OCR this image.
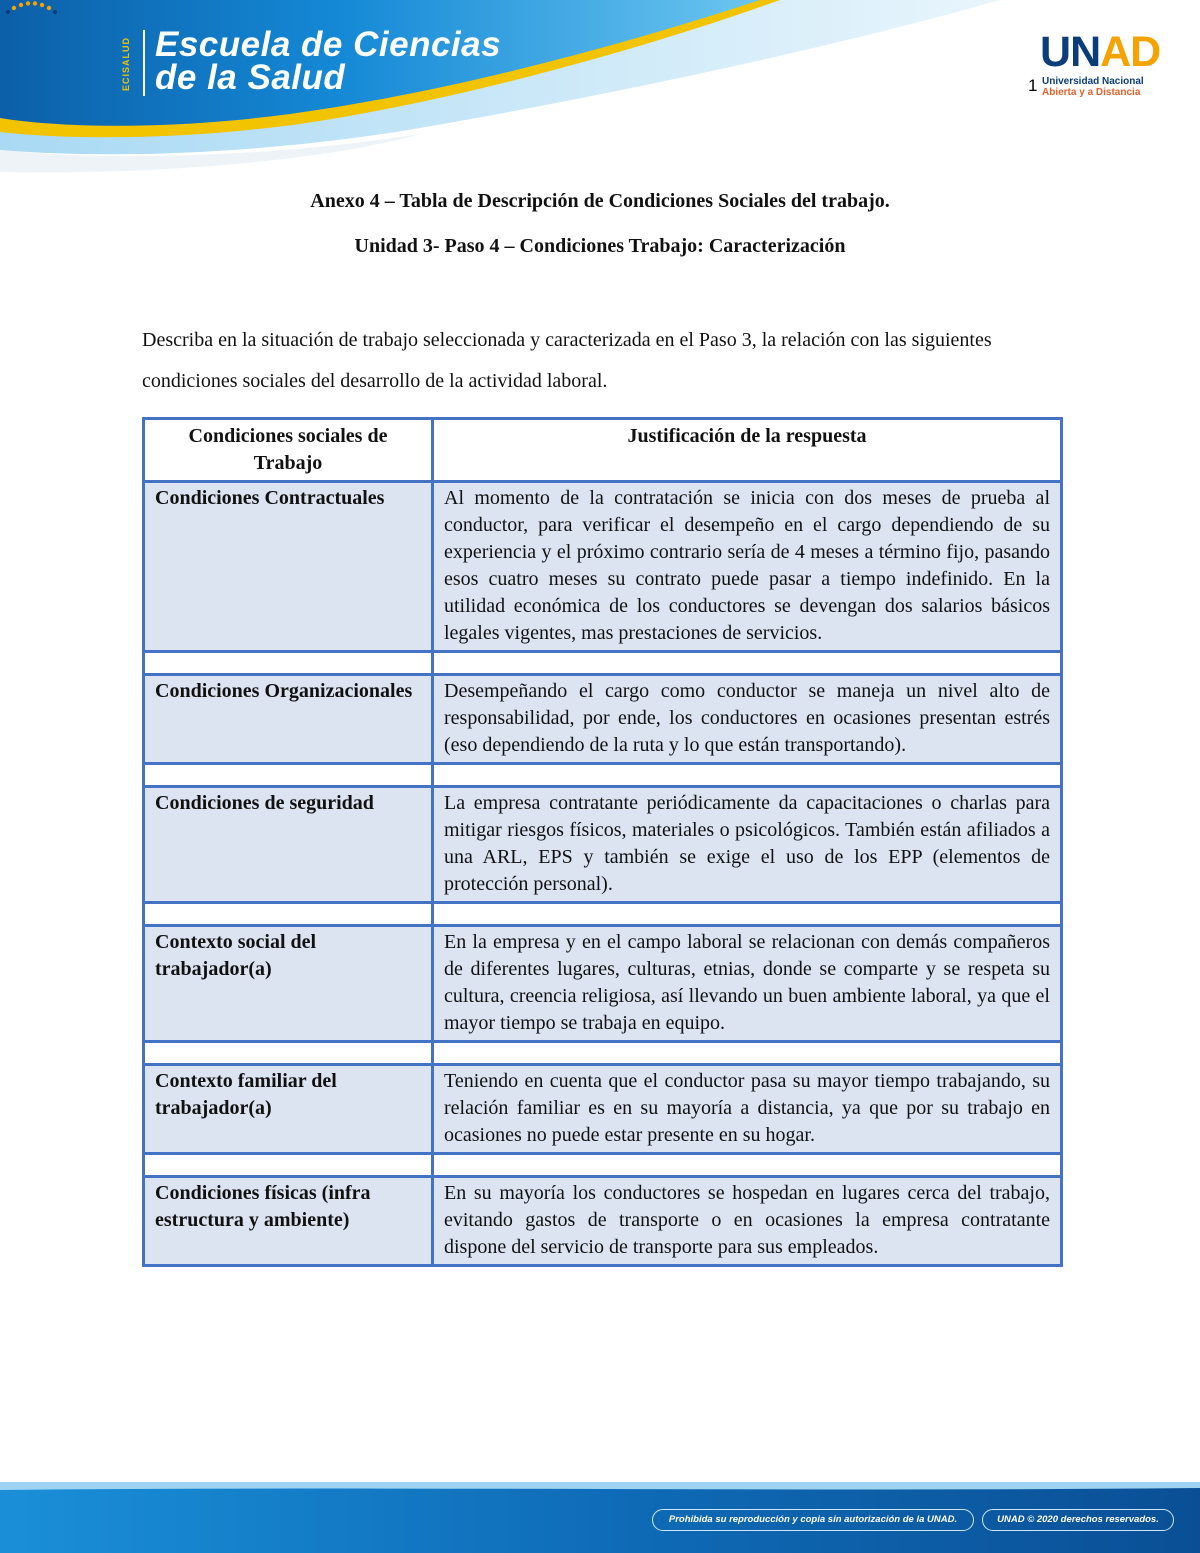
ECISALUD Escuela de Ciencias
de la Salud
UNAD
Universidad Nacional
Abierta y a Distancia
1
Anexo 4 – Tabla de Descripción de Condiciones Sociales del trabajo.
Unidad 3- Paso 4 – Condiciones Trabajo: Caracterización
Describa en la situación de trabajo seleccionada y caracterizada en el Paso 3, la relación con las siguientes condiciones sociales del desarrollo de la actividad laboral.
Condiciones sociales de Trabajo	Justificación de la respuesta
Condiciones Contractuales	Al momento de la contratación se inicia con dos meses de prueba al conductor, para verificar el desempeño en el cargo dependiendo de su experiencia y el próximo contrario sería de 4 meses a término fijo, pasando esos cuatro meses su contrato puede pasar a tiempo indefinido. En la utilidad económica de los conductores se devengan dos salarios básicos legales vigentes, mas prestaciones de servicios.

Condiciones Organizacionales	Desempeñando el cargo como conductor se maneja un nivel alto de responsabilidad, por ende, los conductores en ocasiones presentan estrés (eso dependiendo de la ruta y lo que están transportando).

Condiciones de seguridad	La empresa contratante periódicamente da capacitaciones o charlas para mitigar riesgos físicos, materiales o psicológicos. También están afiliados a una ARL, EPS y también se exige el uso de los EPP (elementos de protección personal).

Contexto social del trabajador(a)	En la empresa y en el campo laboral se relacionan con demás compañeros de diferentes lugares, culturas, etnias, donde se comparte y se respeta su cultura, creencia religiosa, así llevando un buen ambiente laboral, ya que el mayor tiempo se trabaja en equipo.

Contexto familiar del trabajador(a)	Teniendo en cuenta que el conductor pasa su mayor tiempo trabajando, su relación familiar es en su mayoría a distancia, ya que por su trabajo en ocasiones no puede estar presente en su hogar.

Condiciones físicas (infra estructura y ambiente)	En su mayoría los conductores se hospedan en lugares cerca del trabajo, evitando gastos de transporte o en ocasiones la empresa contratante dispone del servicio de transporte para sus empleados.
Prohibida su reproducción y copia sin autorización de la UNAD.	UNAD © 2020 derechos reservados.
